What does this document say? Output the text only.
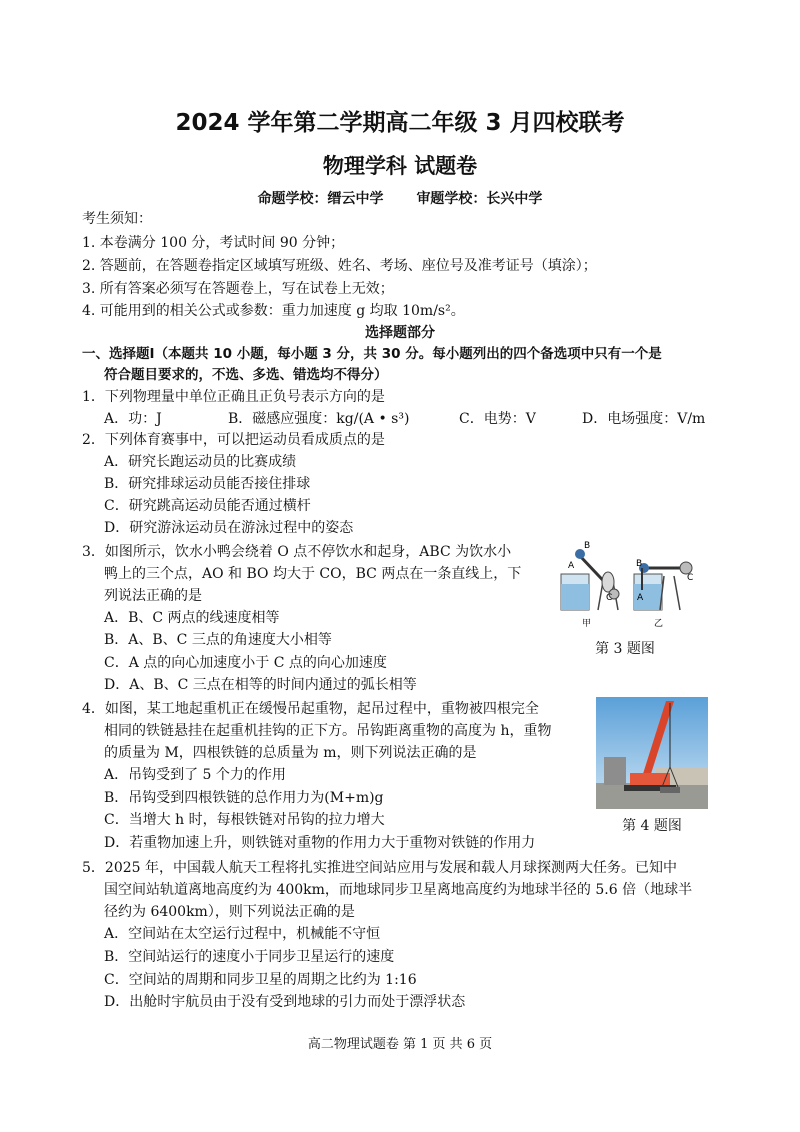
2024 学年第二学期高二年级 3 月四校联考
物理学科 试题卷
命题学校：缙云中学 审题学校：长兴中学
考生须知：
1. 本卷满分 100 分，考试时间 90 分钟；
2. 答题前，在答题卷指定区域填写班级、姓名、考场、座位号及准考证号（填涂）；
3. 所有答案必须写在答题卷上，写在试卷上无效；
4. 可能用到的相关公式或参数：重力加速度 g 均取 10m/s²。
选择题部分
一、选择题Ⅰ（本题共 10 小题，每小题 3 分，共 30 分。每小题列出的四个备选项中只有一个是
符合题目要求的，不选、多选、错选均不得分）
1．下列物理量中单位正确且正负号表示方向的是
A．功：J	B．磁感应强度：kg/(A • s³)	C．电势：V	D．电场强度：V/m
2．下列体育赛事中，可以把运动员看成质点的是
A．研究长跑运动员的比赛成绩
B．研究排球运动员能否接住排球
C．研究跳高运动员能否通过横杆
D．研究游泳运动员在游泳过程中的姿态
3．如图所示，饮水小鸭会绕着 O 点不停饮水和起身，ABC 为饮水小
鸭上的三个点，AO 和 BO 均大于 CO，BC 两点在一条直线上，下
列说法正确的是
A．B、C 两点的线速度相等
B．A、B、C 三点的角速度大小相等
C．A 点的向心加速度小于 C 点的向心加速度
D．A、B、C 三点在相等的时间内通过的弧长相等
A
B
C
B
A
C
甲	乙
第 3 题图
4．如图，某工地起重机正在缓慢吊起重物，起吊过程中，重物被四根完全
相同的铁链悬挂在起重机挂钩的正下方。吊钩距离重物的高度为 h，重物
的质量为 M，四根铁链的总质量为 m，则下列说法正确的是
A．吊钩受到了 5 个力的作用
B．吊钩受到四根铁链的总作用力为(M+m)g
C．当增大 h 时，每根铁链对吊钩的拉力增大
D．若重物加速上升，则铁链对重物的作用力大于重物对铁链的作用力
第 4 题图
5．2025 年，中国载人航天工程将扎实推进空间站应用与发展和载人月球探测两大任务。已知中
国空间站轨道离地高度约为 400km，而地球同步卫星离地高度约为地球半径的 5.6 倍（地球半
径约为 6400km），则下列说法正确的是
A．空间站在太空运行过程中，机械能不守恒
B．空间站运行的速度小于同步卫星运行的速度
C．空间站的周期和同步卫星的周期之比约为 1:16
D．出舱时宇航员由于没有受到地球的引力而处于漂浮状态
高二物理试题卷 第 1 页 共 6 页
